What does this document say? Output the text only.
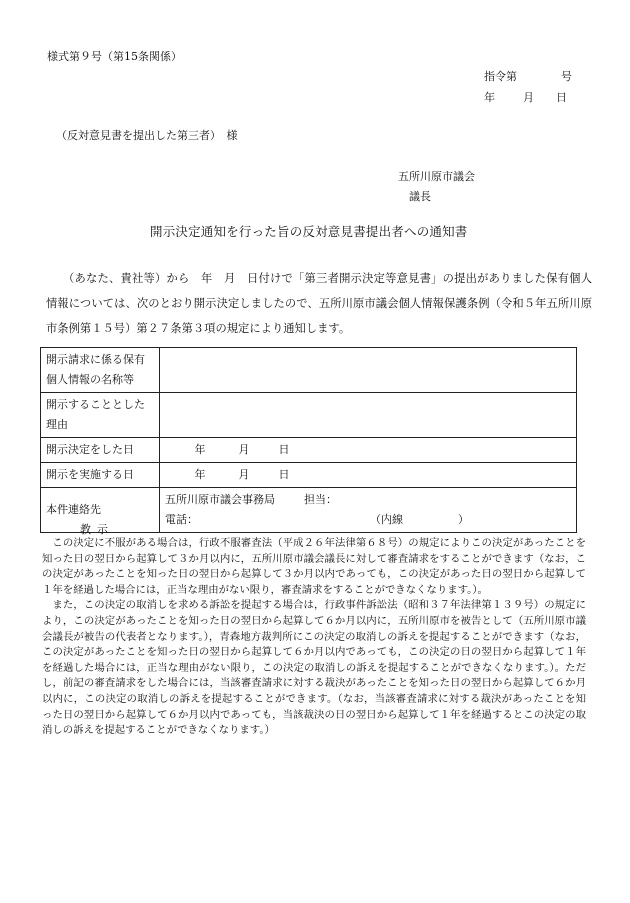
様式第９号（第15条関係）
指令第	号
年	月 日
（反対意見書を提出した第三者）　様
五所川原市議会
議長
開示決定通知を行った旨の反対意見書提出者への通知書

（あなた、貴社等）から　年　月　日付けで「第三者開示決定等意見書」の提出がありました保有個人情報については、次のとおり開示決定しましたので、五所川原市議会個人情報保護条例（令和５年五所川原市条例第１５号）第２７条第３項の規定により通知します。

開示請求に係る保有
個人情報の名称等	

開示することとした
理由	

開示決定をした日	年 月 日
開示を実施する日	年 月 日
本件連絡先	五所川原市議会事務局 担当：
電話： （内線　　　　　）
教示

この決定に不服がある場合は，行政不服審査法（平成２６年法律第６８号）の規定によりこの決定があったことを知った日の翌日から起算して３か月以内に，五所川原市議会議長に対して審査請求をすることができます（なお，この決定があったことを知った日の翌日から起算して３か月以内であっても，この決定があった日の翌日から起算して１年を経過した場合には，正当な理由がない限り，審査請求をすることができなくなります。）。

また，この決定の取消しを求める訴訟を提起する場合は，行政事件訴訟法（昭和３７年法律第１３９号）の規定により，この決定があったことを知った日の翌日から起算して６か月以内に，五所川原市を被告として（五所川原市議会議長が被告の代表者となります。），青森地方裁判所にこの決定の取消しの訴えを提起することができます（なお，この決定があったことを知った日の翌日から起算して６か月以内であっても，この決定の日の翌日から起算して１年を経過した場合には，正当な理由がない限り，この決定の取消しの訴えを提起することができなくなります。）。ただし，前記の審査請求をした場合には，当該審査請求に対する裁決があったことを知った日の翌日から起算して６か月以内に，この決定の取消しの訴えを提起することができます。（なお，当該審査請求に対する裁決があったことを知った日の翌日から起算して６か月以内であっても，当該裁決の日の翌日から起算して１年を経過するとこの決定の取消しの訴えを提起することができなくなります。）
